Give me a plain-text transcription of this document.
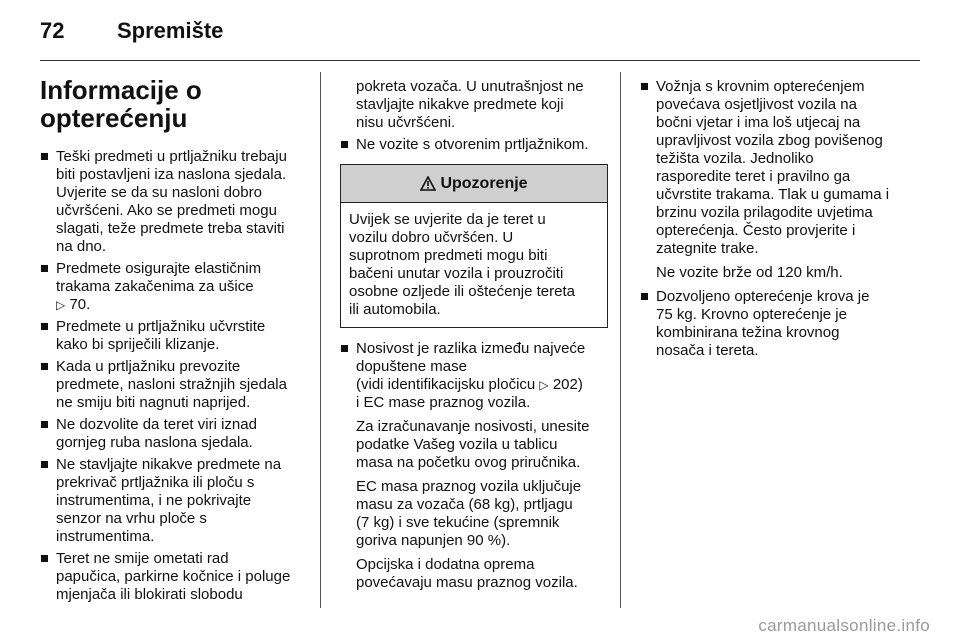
72	Spremište
Informacije o
opterećenju
Teški predmeti u prtljažniku trebaju
biti postavljeni iza naslona sjedala.
Uvjerite se da su nasloni dobro
učvršćeni. Ako se predmeti mogu
slagati, teže predmete treba staviti
na dno.
Predmete osigurajte elastičnim
trakama zakačenima za ušice
▷ 70.
Predmete u prtljažniku učvrstite
kako bi spriječili klizanje.
Kada u prtljažniku prevozite
predmete, nasloni stražnjih sjedala
ne smiju biti nagnuti naprijed.
Ne dozvolite da teret viri iznad
gornjeg ruba naslona sjedala.
Ne stavljajte nikakve predmete na
prekrivač prtljažnika ili ploču s
instrumentima, i ne pokrivajte
senzor na vrhu ploče s
instrumentima.
Teret ne smije ometati rad
papučica, parkirne kočnice i poluge
mjenjača ili blokirati slobodu

pokreta vozača. U unutrašnjost ne
stavljajte nikakve predmete koji
nisu učvršćeni.

Ne vozite s otvorenim prtljažnikom.
Upozorenje
Uvijek se uvjerite da je teret u
vozilu dobro učvršćen. U
suprotnom predmeti mogu biti
bačeni unutar vozila i prouzročiti
osobne ozljede ili oštećenje tereta
ili automobila.
Nosivost je razlika između najveće
dopuštene mase
(vidi identifikacijsku pločicu ▷ 202)
i EC mase praznog vozila.

Za izračunavanje nosivosti, unesite
podatke Vašeg vozila u tablicu
masa na početku ovog priručnika.

EC masa praznog vozila uključuje
masu za vozača (68 kg), prtljagu
(7 kg) i sve tekućine (spremnik
goriva napunjen 90 %).

Opcijska i dodatna oprema
povećavaju masu praznog vozila.

Vožnja s krovnim opterećenjem
povećava osjetljivost vozila na
bočni vjetar i ima loš utjecaj na
upravljivost vozila zbog povišenog
težišta vozila. Jednoliko
rasporedite teret i pravilno ga
učvrstite trakama. Tlak u gumama i
brzinu vozila prilagodite uvjetima
opterećenja. Često provjerite i
zategnite trake.

Ne vozite brže od 120 km/h.

Dozvoljeno opterećenje krova je
75 kg. Krovno opterećenje je
kombinirana težina krovnog
nosača i tereta.
carmanualsonline.info
